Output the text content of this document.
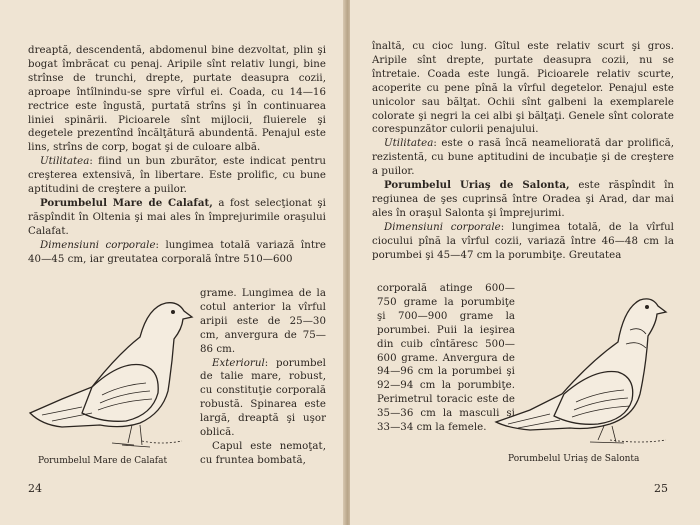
dreaptă, descendentă, abdomenul bine dezvoltat, plin şi bogat îmbrăcat cu penaj. Aripile sînt relativ lungi, bine strînse de trunchi, drepte, purtate deasupra cozii, aproape întîlnindu-se spre vîrful ei. Coada, cu 14—16 rectrice este îngustă, purtată strîns şi în continuarea liniei spinării. Picioarele sînt mijlocii, fluierele şi degetele prezentînd încălţătură abundentă. Penajul este lins, strîns de corp, bogat şi de culoare albă.

Utilitatea: fiind un bun zburător, este indicat pentru creşterea extensivă, în libertare. Este prolific, cu bune aptitudini de creştere a puilor.

Porumbelul Mare de Calafat, a fost selecţionat şi răspîndit în Oltenia şi mai ales în împrejurimile oraşului Calafat.

Dimensiuni corporale: lungimea totală variază între 40—45 cm, iar greutatea corporală între 510—600

grame. Lungimea de la cotul anterior la vîrful aripii este de 25—30 cm, anvergura de 75—86 cm.

Exteriorul: porumbel de talie mare, robust, cu constituţie corporală robustă. Spinarea este largă, dreaptă şi uşor oblică.

Capul este nemoţat, cu fruntea bombată,

Porumbelul Mare de Calafat
24

înaltă, cu cioc lung. Gîtul este relativ scurt şi gros. Aripile sînt drepte, purtate deasupra cozii, nu se întretaie. Coada este lungă. Picioarele relativ scurte, acoperite cu pene pînă la vîrful degetelor. Penajul este unicolor sau bălţat. Ochii sînt galbeni la exemplarele colorate şi negri la cei albi şi bălţaţi. Genele sînt colorate corespunzător culorii penajului.

Utilitatea: este o rasă încă neameliorată dar prolifică, rezistentă, cu bune aptitudini de incubaţie şi de creştere a puilor.

Porumbelul Uriaş de Salonta, este răspîndit în regiunea de şes cuprinsă între Oradea şi Arad, dar mai ales în oraşul Salonta şi împrejurimi.

Dimensiuni corporale: lungimea totală, de la vîrful ciocului pînă la vîrful cozii, variază între 46—48 cm la porumbei şi 45—47 cm la porumbiţe. Greutatea

corporală atinge 600—750 grame la porumbiţe şi 700—900 grame la porumbei. Puii la ieşirea din cuib cîntăresc 500—600 grame. Anvergura de 94—96 cm la porumbei şi 92—94 cm la porumbiţe. Perimetrul toracic este de 35—36 cm la masculi şi 33—34 cm la femele.

Porumbelul Uriaş de Salonta
25
